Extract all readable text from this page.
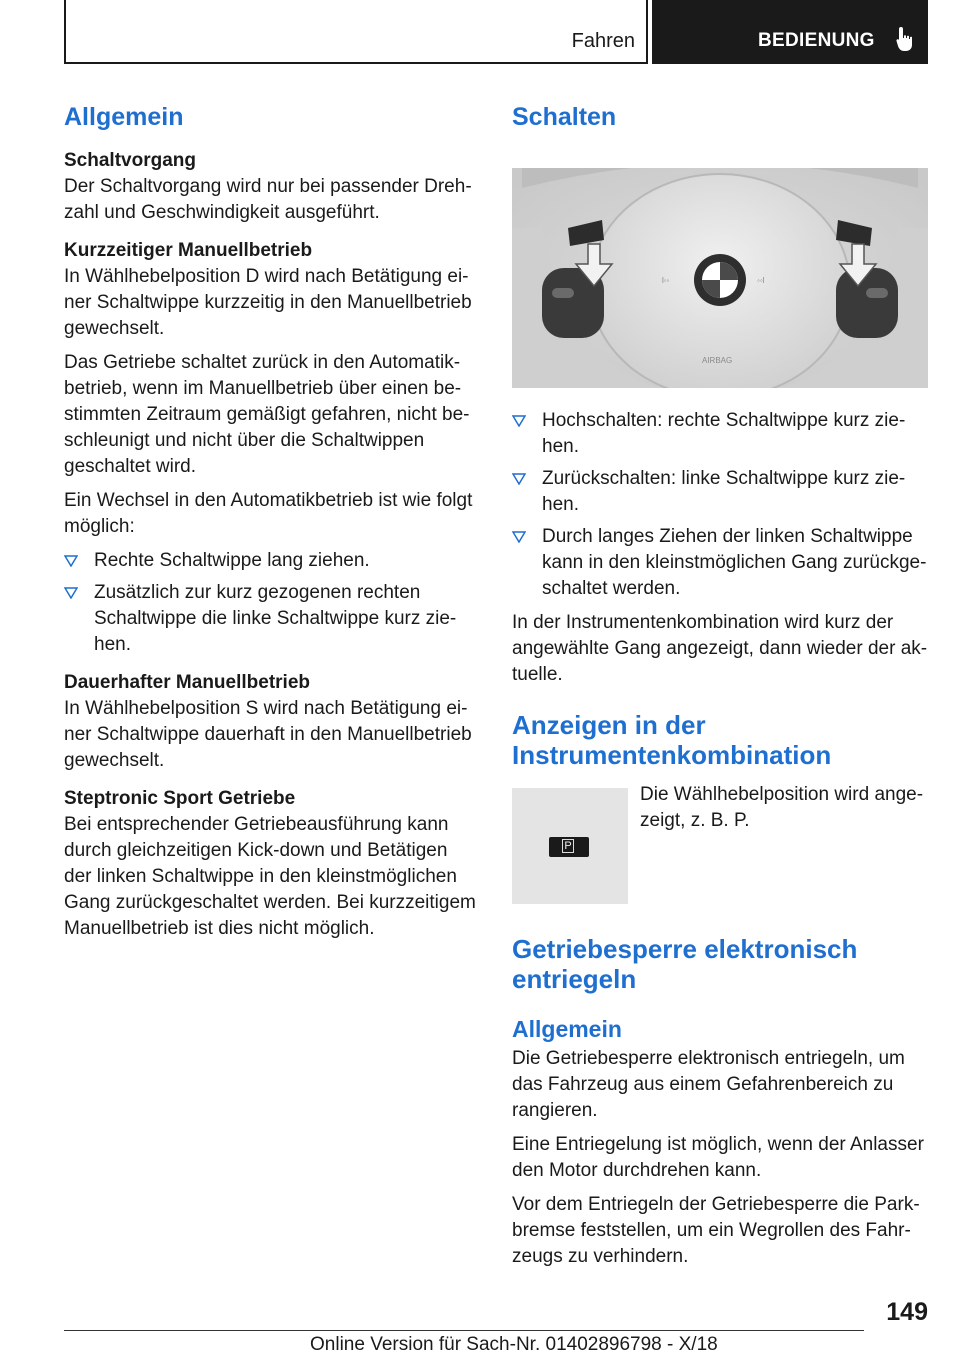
Fahren	BEDIENUNG
Allgemein
Schaltvorgang

Der Schaltvorgang wird nur bei passender Dreh-
zahl und Geschwindigkeit ausgeführt.

Kurzzeitiger Manuellbetrieb

In Wählhebelposition D wird nach Betätigung ei-
ner Schaltwippe kurzzeitig in den Manuellbetrieb
gewechselt.

Das Getriebe schaltet zurück in den Automatik-
betrieb, wenn im Manuellbetrieb über einen be-
stimmten Zeitraum gemäßigt gefahren, nicht be-
schleunigt und nicht über die Schaltwippen
geschaltet wird.

Ein Wechsel in den Automatikbetrieb ist wie folgt
möglich:

Rechte Schaltwippe lang ziehen.
Zusätzlich zur kurz gezogenen rechten
Schaltwippe die linke Schaltwippe kurz zie-
hen.
Dauerhafter Manuellbetrieb

In Wählhebelposition S wird nach Betätigung ei-
ner Schaltwippe dauerhaft in den Manuellbetrieb
gewechselt.

Steptronic Sport Getriebe

Bei entsprechender Getriebeausführung kann
durch gleichzeitigen Kick-down und Betätigen
der linken Schaltwippe in den kleinstmöglichen
Gang zurückgeschaltet werden. Bei kurzzeitigem
Manuellbetrieb ist dies nicht möglich.

Schalten
◦◦l
l◦◦
AIRBAG
Hochschalten: rechte Schaltwippe kurz zie-
hen.
Zurückschalten: linke Schaltwippe kurz zie-
hen.
Durch langes Ziehen der linken Schaltwippe
kann in den kleinstmöglichen Gang zurückge-
schaltet werden.

In der Instrumentenkombination wird kurz der
angewählte Gang angezeigt, dann wieder der ak-
tuelle.

Anzeigen in der
Instrumentenkombination
P

Die Wählhebelposition wird ange-
zeigt, z. B. P.

Getriebesperre elektronisch
entriegeln
Allgemein

Die Getriebesperre elektronisch entriegeln, um
das Fahrzeug aus einem Gefahrenbereich zu
rangieren.

Eine Entriegelung ist möglich, wenn der Anlasser
den Motor durchdrehen kann.

Vor dem Entriegeln der Getriebesperre die Park-
bremse feststellen, um ein Wegrollen des Fahr-
zeugs zu verhindern.

149
Online Version für Sach-Nr. 01402896798 - X/18
